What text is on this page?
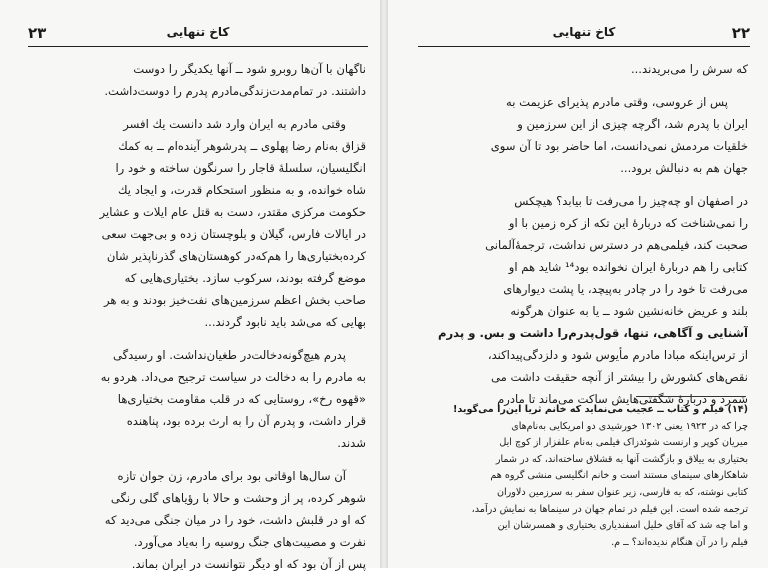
۲۳	کاخ تنهایی
ناگهان با آن‌ها روبرو شود ــ آنها یکدیگر را دوست
داشتند. در تمام‌مدت‌زندگی‌مادرم پدرم را دوست‌داشت.
وقتی مادرم به ایران وارد شد دانست یك افسر
قزاق به‌نام رضا پهلوی ــ پدرشوهر آینده‌ام ــ به کمك
انگلیسیان، سلسلهٔ قاجار را سرنگون ساخته و خود را
شاه خوانده، و به منظور استحکام قدرت، و ایجاد یك
حکومت مرکزی مقتدر، دست به قتل عام ایلات و عشایر
در ایالات فارس، گیلان و بلوچستان زده و بی‌جهت سعی
کرده‌بختیاری‌ها را هم‌که‌در کوهستان‌های گذرناپذیر شان
موضع گرفته بودند، سرکوب سازد. بختیاری‌هایی که
صاحب بخش اعظم سرزمین‌های نفت‌خیز بودند و به هر
بهایی که می‌شد باید نابود گردند...
پدرم هیچ‌گونه‌دخالت‌در طغیان‌نداشت. او رسیدگی
به مادرم را به دخالت در سیاست ترجیح می‌داد. هردو به
«قهوه رخ»، روستایی که در قلب مقاومت بختیاری‌ها
قرار داشت، و پدرم آن را به ارث برده بود، پناهنده
شدند.
آن سال‌ها اوقاتی بود برای مادرم، زن جوان تازه
شوهر کرده، پر از وحشت و حالا با رؤیاهای گلی رنگی
که او در قلبش داشت، خود را در میان جنگی می‌دید که
نفرت و مصیبت‌های جنگ روسیه را به‌یاد می‌آورد.
پس از آن بود که او دیگر نتوانست در ایران بماند.
۲۲
کاخ تنهایی
که سرش را می‌بریدند...
پس از عروسی، وقتی مادرم پذیرای عزیمت به
ایران با پدرم شد، اگرچه چیزی از این سرزمین و
خلقیات مردمش نمی‌دانست، اما حاضر بود تا آن سوی
جهان هم به دنبالش برود...
در اصفهان او چه‌چیز را می‌رفت تا بیابد؟ هیچکس
را نمی‌شناخت که دربارهٔ این تکه از کره زمین با او
صحبت کند، فیلمی‌هم در دسترس نداشت، ترجمهٔ‌آلمانی
کتابی را هم دربارهٔ ایران نخوانده بود¹⁴ شاید هم او
می‌رفت تا خود را در چادر به‌پیچد، یا پشت دیوارهای
بلند و عریض خانه‌نشین شود ــ یا به عنوان هرگونه
آشنایی و آگاهی، تنها، قول‌پدرم‌را داشت و بس. و پدرم
از ترس‌اینکه مبادا مادرم مأیوس شود و دلزدگی‌پیدا‌کند،
نقص‌های کشورش را بیشتر از آنچه حقیقت داشت می‌
شمرد و دربارهٔ شگفتی‌هایش ساکت می‌ماند تا مادرم
(۱۴) فیلم و کتاب ــ عجیب می‌نماید که خانم ثریا این‌را می‌گوید!
چرا که در ۱۹۲۳ یعنی ۱۳۰۲ خورشیدی دو امریکایی به‌نام‌های
میریان کوپر و ارنست شوئدزاک فیلمی به‌نام علفزار از کوچ ایل
بختیاری به ییلاق و بازگشت آنها به قشلاق ساخته‌اند، که در شمار
شاهکارهای سینمای مستند است و خانم انگلیسی منشی گروه هم
کتابی نوشته، که به فارسی، زیر عنوان سفر به سرزمین دلاوران
ترجمه شده است. این فیلم در تمام جهان در سینماها به نمایش درآمد،
و اما چه شد که آقای خلیل اسفندیاری بختیاری و همسرشان این
فیلم را در آن هنگام ندیده‌اند؟ ــ م.
